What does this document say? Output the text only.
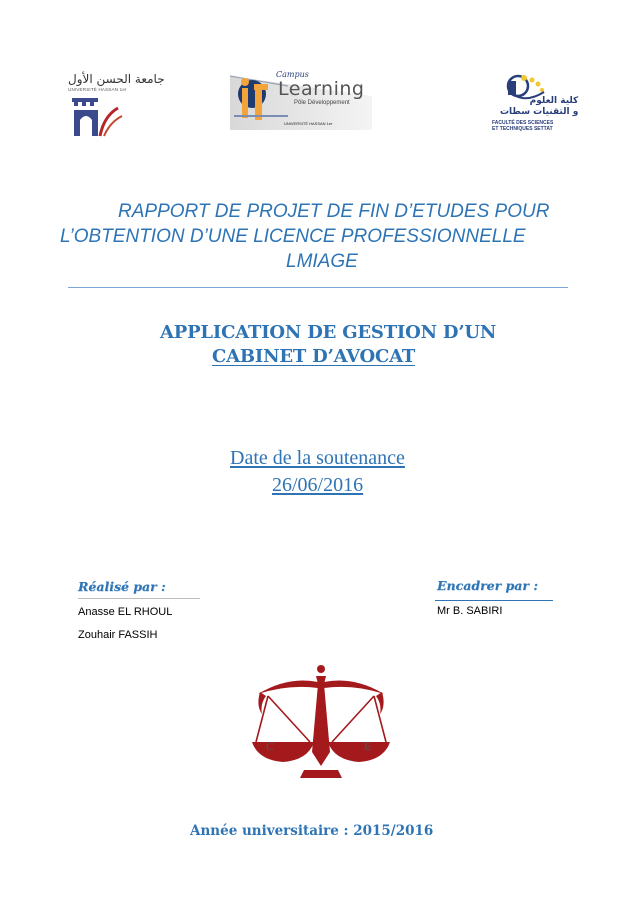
جامعة الحسن الأول
UNIVERSITÉ HASSAN 1er
Campus
Learning
Pôle Développement
UNIVERSITÉ HASSAN 1er
كلية العلوم
و التقنيات سطات
FACULTÉ DES SCIENCES
ET TECHNIQUES SETTAT
RAPPORT DE PROJET DE FIN D’ETUDES POUR
L’OBTENTION D’UNE LICENCE PROFESSIONNELLE
LMIAGE
APPLICATION DE GESTION D’UN
CABINET D’AVOCAT
Date de la soutenance
26/06/2016
Réalisé par :
Anasse EL RHOUL
Zouhair FASSIH
Encadrer par :
Mr B. SABIRI
C	E
Année universitaire : 2015/2016
